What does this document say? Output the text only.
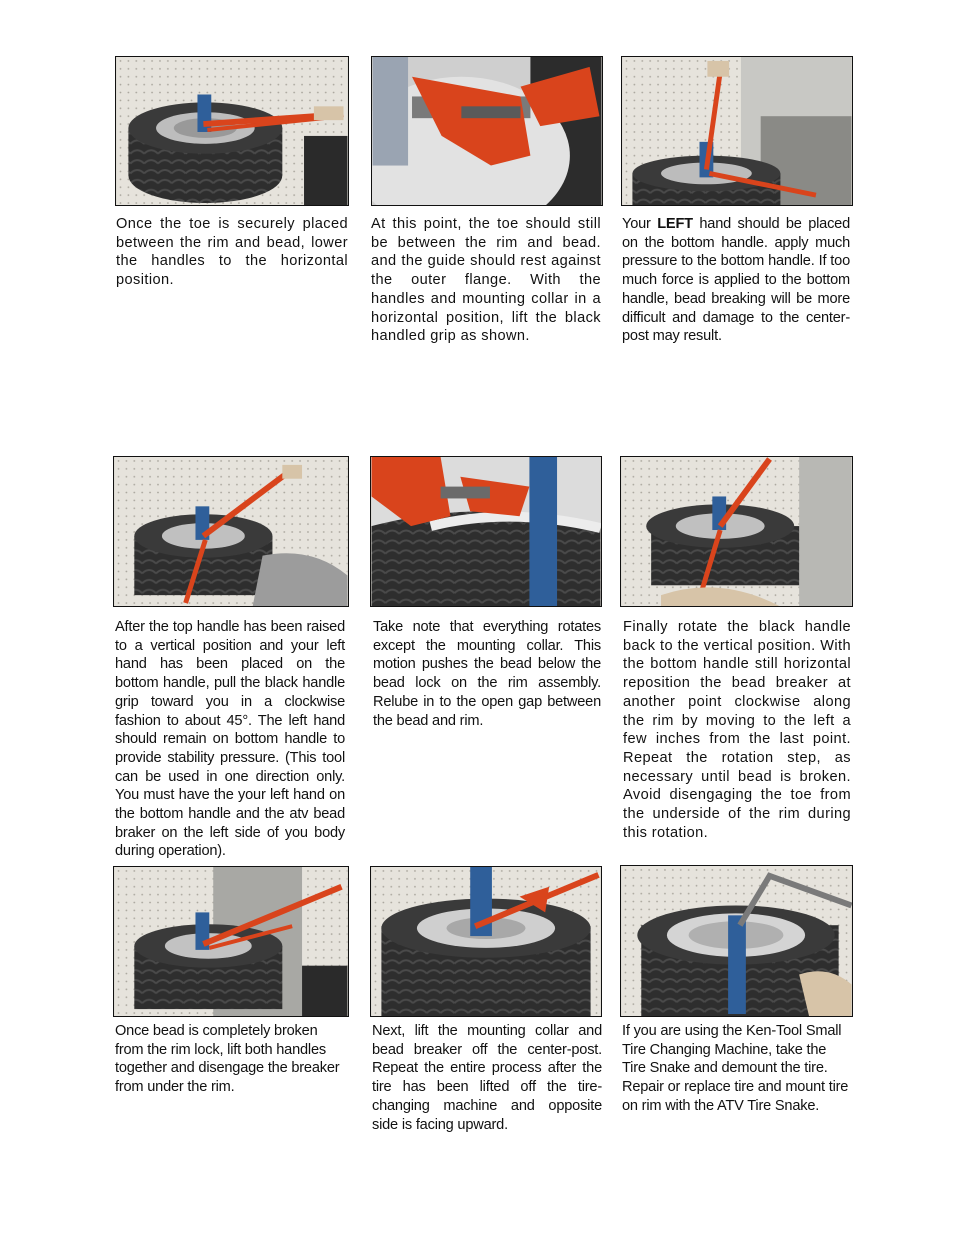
Once the toe is securely placed between the rim and bead, lower the handles to the horizontal position.

At this point, the toe should still be between the rim and bead. and the guide should rest against the outer flange. With the handles and mounting collar in a horizontal position, lift the black handled grip as shown.

Your LEFT hand should be placed on the bottom handle. apply much pressure to the bottom handle. If too much force is applied to the bottom handle, bead breaking will be more difficult and damage to the center-post may result.

After the top handle has been raised to a vertical position and your left hand has been placed on the bottom handle, pull the black handle grip toward you in a clockwise fashion to about 45°. The left hand should remain on bottom handle to provide stability pressure. (This tool can be used in one direction only. You must have the your left hand on the bottom handle and the atv bead braker on the left side of you body during operation).

Take note that everything rotates except the mounting collar. This motion pushes the bead below the bead lock on the rim assembly. Relube in to the open gap between the bead and rim.

Finally rotate the black handle back to the vertical position. With the bottom handle still horizontal reposition the bead breaker at another point clockwise along the rim by moving to the left a few inches from the last point. Repeat the rotation step, as necessary until bead is broken. Avoid disengaging the toe from the underside of the rim during this rotation.

Once bead is completely broken from the rim lock, lift both handles together and disengage the breaker from under the rim.

Next, lift the mounting collar and bead breaker off the center-post. Repeat the entire process after the tire has been lifted off the tire-changing machine and opposite side is facing upward.

If you are using the Ken-Tool Small Tire Changing Machine, take the Tire Snake and demount the tire. Repair or replace tire and mount tire on rim with the ATV Tire Snake.
